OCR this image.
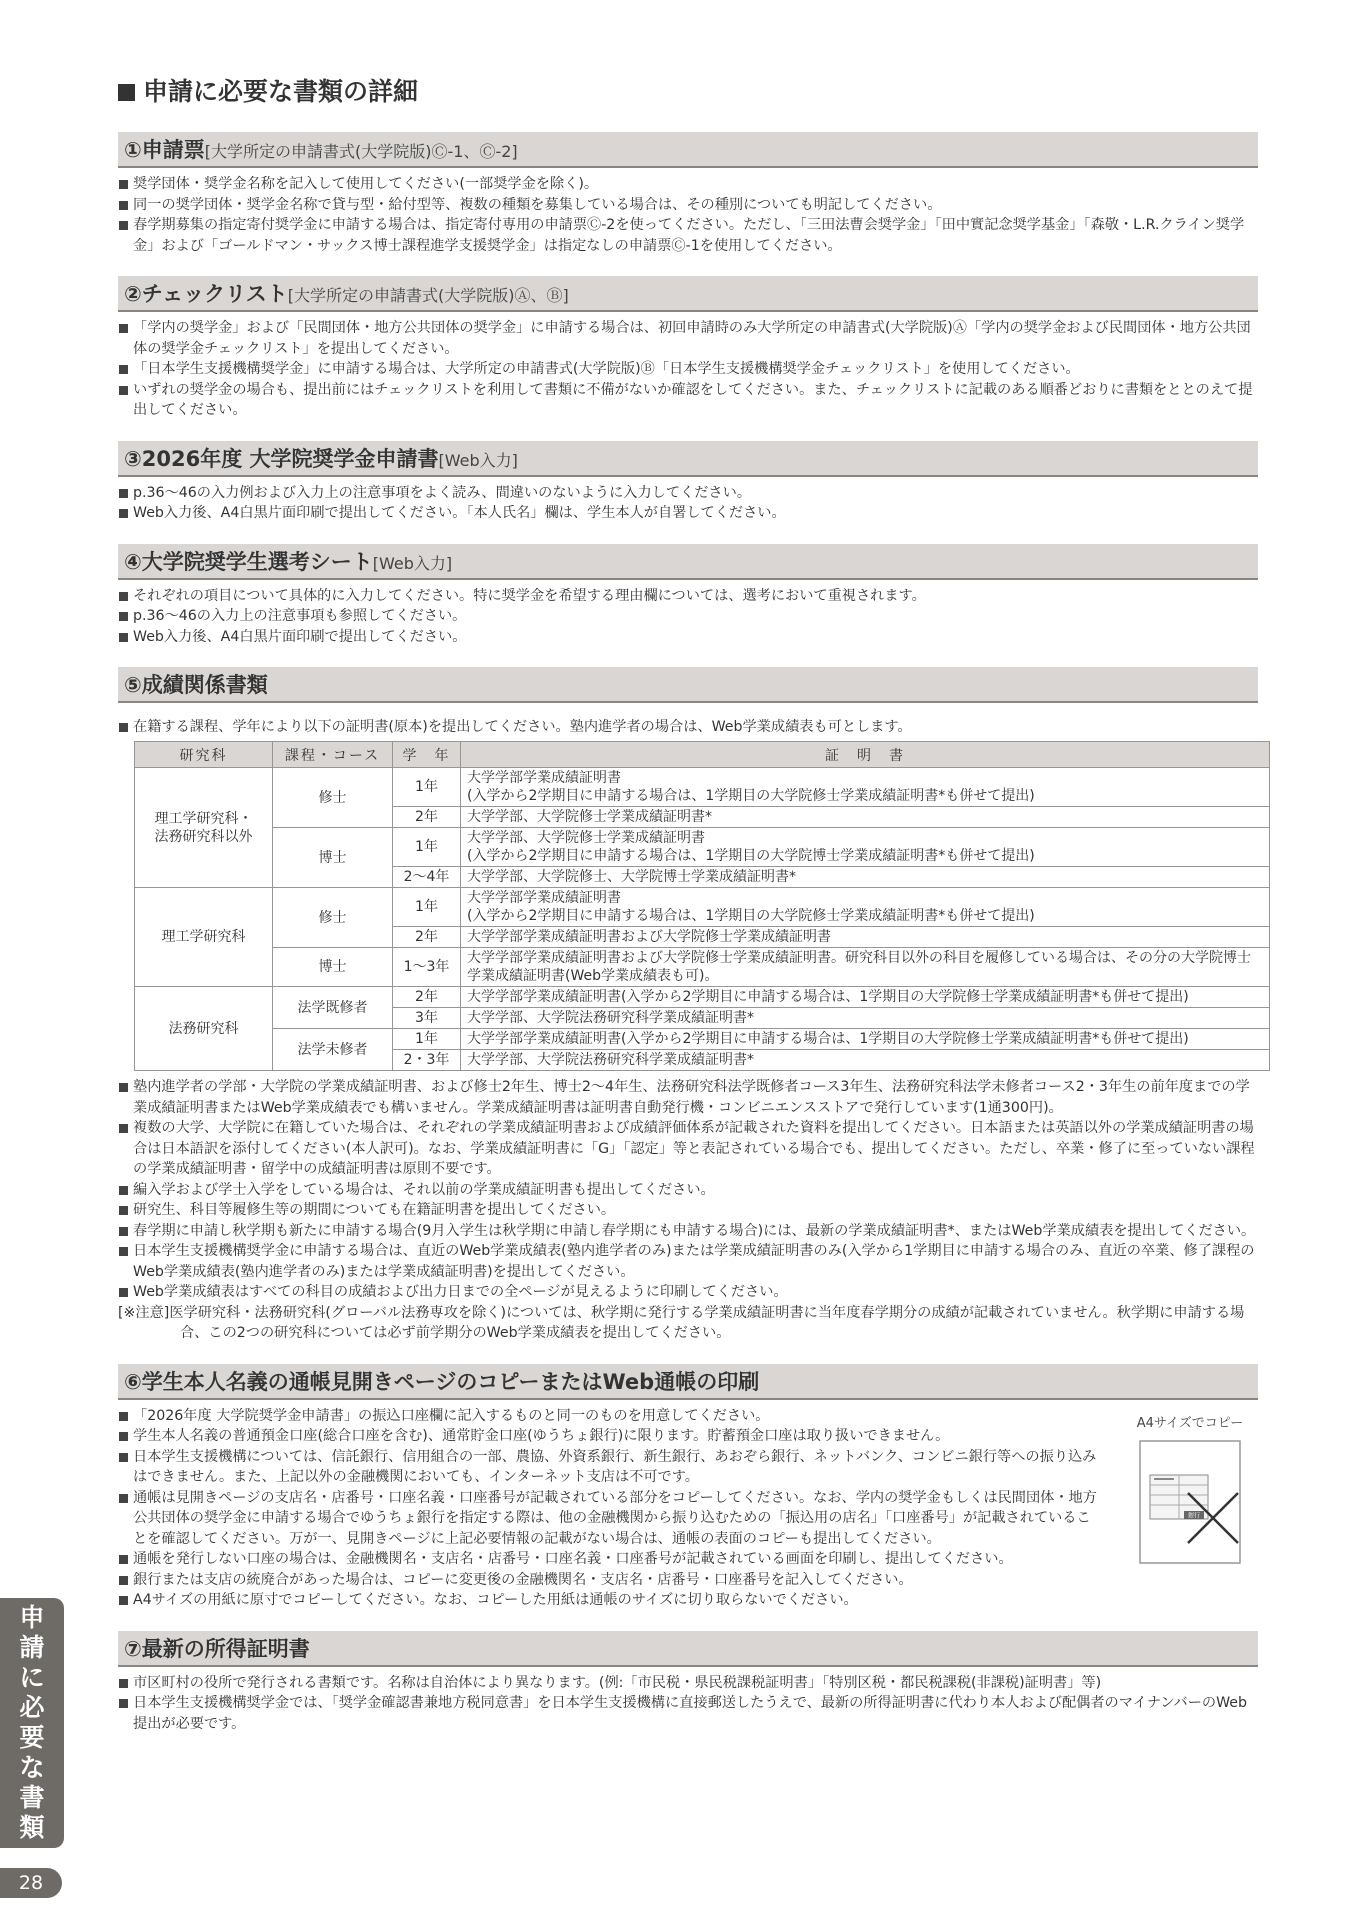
申請に必要な書類の詳細
①申請票[大学所定の申請書式(大学院版)Ⓒ-1、Ⓒ-2]
奨学団体・奨学金名称を記入して使用してください(一部奨学金を除く)。
同一の奨学団体・奨学金名称で貸与型・給付型等、複数の種類を募集している場合は、その種別についても明記してください。
春学期募集の指定寄付奨学金に申請する場合は、指定寄付専用の申請票Ⓒ-2を使ってください。ただし、「三田法曹会奨学金」「田中實記念奨学基金」「森敬・L.R.クライン奨学金」および「ゴールドマン・サックス博士課程進学支援奨学金」は指定なしの申請票Ⓒ-1を使用してください。
②チェックリスト[大学所定の申請書式(大学院版)Ⓐ、Ⓑ]
「学内の奨学金」および「民間団体・地方公共団体の奨学金」に申請する場合は、初回申請時のみ大学所定の申請書式(大学院版)Ⓐ「学内の奨学金および民間団体・地方公共団体の奨学金チェックリスト」を提出してください。
「日本学生支援機構奨学金」に申請する場合は、大学所定の申請書式(大学院版)Ⓑ「日本学生支援機構奨学金チェックリスト」を使用してください。
いずれの奨学金の場合も、提出前にはチェックリストを利用して書類に不備がないか確認をしてください。また、チェックリストに記載のある順番どおりに書類をととのえて提出してください。
③2026年度 大学院奨学金申請書[Web入力]
p.36〜46の入力例および入力上の注意事項をよく読み、間違いのないように入力してください。
Web入力後、A4白黒片面印刷で提出してください。「本人氏名」欄は、学生本人が自署してください。
④大学院奨学生選考シート[Web入力]
それぞれの項目について具体的に入力してください。特に奨学金を希望する理由欄については、選考において重視されます。
p.36〜46の入力上の注意事項も参照してください。
Web入力後、A4白黒片面印刷で提出してください。
⑤成績関係書類
在籍する課程、学年により以下の証明書(原本)を提出してください。塾内進学者の場合は、Web学業成績表も可とします。
研究科	課程・コース	学　年	証　明　書
理工学研究科・
法務研究科以外	修士	1年	大学学部学業成績証明書
(入学から2学期目に申請する場合は、1学期目の大学院修士学業成績証明書*も併せて提出)
		2年	大学学部、大学院修士学業成績証明書*
	博士	1年	大学学部、大学院修士学業成績証明書
(入学から2学期目に申請する場合は、1学期目の大学院博士学業成績証明書*も併せて提出)
		2〜4年	大学学部、大学院修士、大学院博士学業成績証明書*
理工学研究科	修士	1年	大学学部学業成績証明書
(入学から2学期目に申請する場合は、1学期目の大学院修士学業成績証明書*も併せて提出)
		2年	大学学部学業成績証明書および大学院修士学業成績証明書
	博士	1〜3年	大学学部学業成績証明書および大学院修士学業成績証明書。研究科目以外の科目を履修している場合は、その分の大学院博士学業成績証明書(Web学業成績表も可)。
法務研究科	法学既修者	2年	大学学部学業成績証明書(入学から2学期目に申請する場合は、1学期目の大学院修士学業成績証明書*も併せて提出)
		3年	大学学部、大学院法務研究科学業成績証明書*
	法学未修者	1年	大学学部学業成績証明書(入学から2学期目に申請する場合は、1学期目の大学院修士学業成績証明書*も併せて提出)
		2・3年	大学学部、大学院法務研究科学業成績証明書*
塾内進学者の学部・大学院の学業成績証明書、および修士2年生、博士2〜4年生、法務研究科法学既修者コース3年生、法務研究科法学未修者コース2・3年生の前年度までの学業成績証明書またはWeb学業成績表でも構いません。学業成績証明書は証明書自動発行機・コンビニエンスストアで発行しています(1通300円)。
複数の大学、大学院に在籍していた場合は、それぞれの学業成績証明書および成績評価体系が記載された資料を提出してください。日本語または英語以外の学業成績証明書の場合は日本語訳を添付してください(本人訳可)。なお、学業成績証明書に「G」「認定」等と表記されている場合でも、提出してください。ただし、卒業・修了に至っていない課程の学業成績証明書・留学中の成績証明書は原則不要です。
編入学および学士入学をしている場合は、それ以前の学業成績証明書も提出してください。
研究生、科目等履修生等の期間についても在籍証明書を提出してください。
春学期に申請し秋学期も新たに申請する場合(9月入学生は秋学期に申請し春学期にも申請する場合)には、最新の学業成績証明書*、またはWeb学業成績表を提出してください。
日本学生支援機構奨学金に申請する場合は、直近のWeb学業成績表(塾内進学者のみ)または学業成績証明書のみ(入学から1学期目に申請する場合のみ、直近の卒業、修了課程のWeb学業成績表(塾内進学者のみ)または学業成績証明書)を提出してください。
Web学業成績表はすべての科目の成績および出力日までの全ページが見えるように印刷してください。
[※注意]医学研究科・法務研究科(グローバル法務専攻を除く)については、秋学期に発行する学業成績証明書に当年度春学期分の成績が記載されていません。秋学期に申請する場合、この2つの研究科については必ず前学期分のWeb学業成績表を提出してください。
⑥学生本人名義の通帳見開きページのコピーまたはWeb通帳の印刷
「2026年度 大学院奨学金申請書」の振込口座欄に記入するものと同一のものを用意してください。
学生本人名義の普通預金口座(総合口座を含む)、通常貯金口座(ゆうちょ銀行)に限ります。貯蓄預金口座は取り扱いできません。
日本学生支援機構については、信託銀行、信用組合の一部、農協、外資系銀行、新生銀行、あおぞら銀行、ネットバンク、コンビニ銀行等への振り込みはできません。また、上記以外の金融機関においても、インターネット支店は不可です。
通帳は見開きページの支店名・店番号・口座名義・口座番号が記載されている部分をコピーしてください。なお、学内の奨学金もしくは民間団体・地方公共団体の奨学金に申請する場合でゆうちょ銀行を指定する際は、他の金融機関から振り込むための「振込用の店名」「口座番号」が記載されていることを確認してください。万が一、見開きページに上記必要情報の記載がない場合は、通帳の表面のコピーも提出してください。
通帳を発行しない口座の場合は、金融機関名・支店名・店番号・口座名義・口座番号が記載されている画面を印刷し、提出してください。
銀行または支店の統廃合があった場合は、コピーに変更後の金融機関名・支店名・店番号・口座番号を記入してください。
A4サイズの用紙に原寸でコピーしてください。なお、コピーした用紙は通帳のサイズに切り取らないでください。
A4サイズでコピー
銀行
⑦最新の所得証明書
市区町村の役所で発行される書類です。名称は自治体により異なります。(例:「市民税・県民税課税証明書」「特別区税・都民税課税(非課税)証明書」等)
日本学生支援機構奨学金では、「奨学金確認書兼地方税同意書」を日本学生支援機構に直接郵送したうえで、最新の所得証明書に代わり本人および配偶者のマイナンバーのWeb提出が必要です。
申
請
に
必
要
な
書
類
28
